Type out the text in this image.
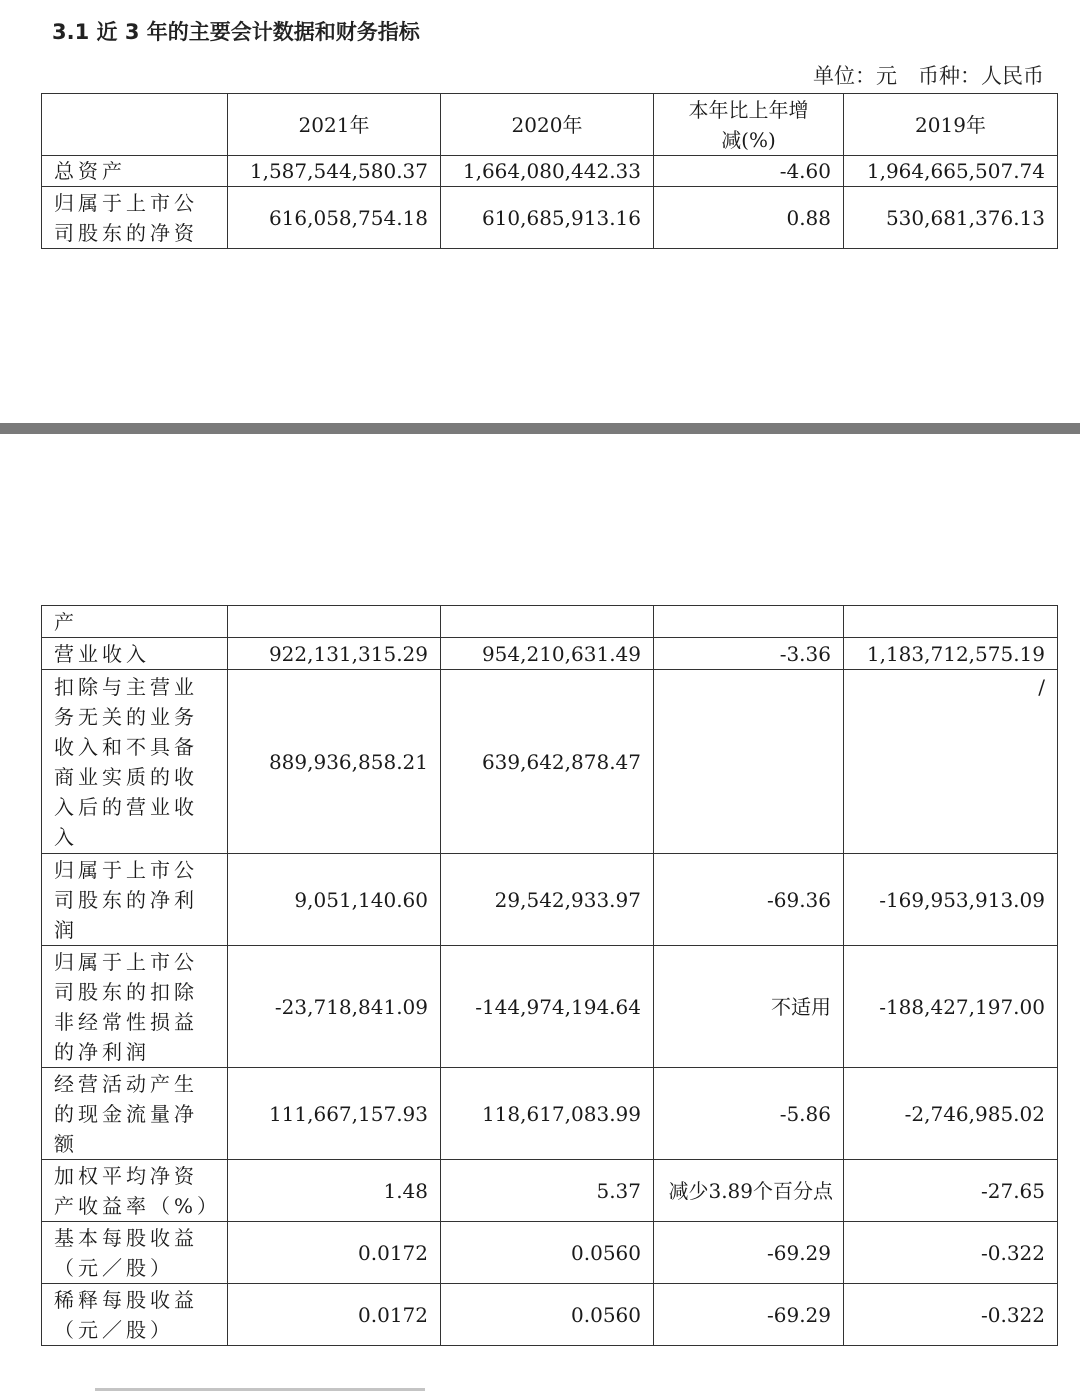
3.1 近 3 年的主要会计数据和财务指标
单位：元　币种：人民币
	2021年	2020年	本年比上年增减(%)	2019年
总资产	1,587,544,580.37	1,664,080,442.33	-4.60	1,964,665,507.74
归属于上市公司股东的净资	616,058,754.18	610,685,913.16	0.88	530,681,376.13
产				
营业收入	922,131,315.29	954,210,631.49	-3.36	1,183,712,575.19
扣除与主营业务无关的业务收入和不具备商业实质的收入后的营业收入	889,936,858.21	639,642,878.47		/

归属于上市公司股东的净利润	9,051,140.60	29,542,933.97	-69.36	-169,953,913.09
归属于上市公司股东的扣除非经常性损益的净利润	-23,718,841.09	-144,974,194.64	不适用	-188,427,197.00
经营活动产生的现金流量净额	111,667,157.93	118,617,083.99	-5.86	-2,746,985.02
加权平均净资产收益率（%）	1.48	5.37	减少3.89个百分点	-27.65
基本每股收益（元／股）	0.0172	0.0560	-69.29	-0.322
稀释每股收益（元／股）	0.0172	0.0560	-69.29	-0.322
